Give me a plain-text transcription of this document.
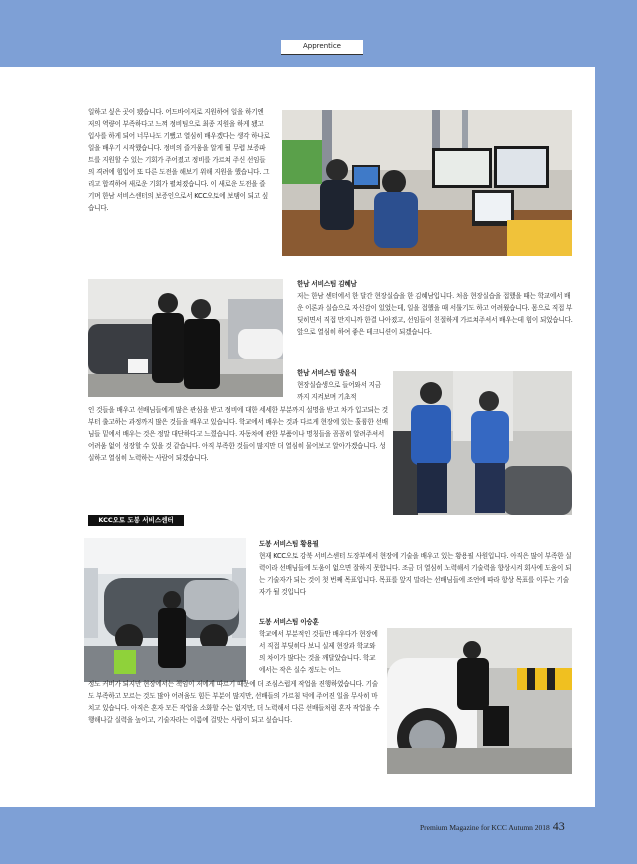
Apprentice
일하고 싶은 곳이 됐습니다. 어드바이저로 지원하여 일을 하기엔 저의 역량이 부족하다고 느껴 정비팀으로 최종 지원을 하게 됐고 입사를 하게 되어 너무나도 기뻤고 열심히 배우겠다는 생각 하나로 일을 배우기 시작했습니다. 정비의 즐거움을 알게 될 무렵 보증파트를 지원할 수 있는 기회가 주어졌고 정비를 가르쳐 주신 선임들의 격려에 힘입어 또 다른 도전을 해보기 위해 지원을 했습니다. 그리고 합격하여 새로운 기회가 펼쳐졌습니다. 이 새로운 도전을 즐기며 한남 서비스센터의 보증인으로서 KCC오토에 보탬이 되고 싶습니다.
한남 서비스팀 김혜남
저는 한남 센터에서 한 달간 현장실습을 한 김혜남입니다. 처음 현장실습을 접했을 때는 학교에서 배운 이론과 실습으로 자신감이 있었는데, 일을 접했을 때 서툴기도 하고 어려웠습니다. 몸으로 직접 부딪히면서 직접 만지니까 한결 나아졌고, 선임들이 친절하게 가르쳐주셔서 배우는데 힘이 되었습니다. 앞으로 열심히 하여 좋은 테크니션이 되겠습니다.
한남 서비스팀 방윤식
현장실습생으로 들어와서 지금까지 지켜보며 기초적
인 것들을 배우고 선배님들에게 많은 관심을 받고 정비에 대한 세세한 부분까지 설명을 받고 차가 입고되는 것부터 출고하는 과정까지 많은 것들을 배우고 있습니다. 학교에서 배우는 것과 다르게 현장에 있는 훌륭한 선배님들 밑에서 배우는 것은 정말 대단하다고 느꼈습니다. 자동차에 관한 부품이나 명칭들을 꼼꼼히 알려주셔서 어려움 없이 성장할 수 있을 것 같습니다. 아직 부족한 것들이 많지만 더 열심히 물어보고 알아가겠습니다. 성실하고 열심히 노력하는 사람이 되겠습니다.
KCC오토 도봉 서비스센터
도봉 서비스팀 황용필
현재 KCC오토 강북 서비스센터 도장부에서 현장에 기술을 배우고 있는 황용필 사원입니다. 아직은 많이 부족한 실력이라 선배님들에 도움이 없으면 잘하지 못합니다. 조금 더 열심히 노력해서 기술력을 향상시켜 회사에 도움이 되는 기술자가 되는 것이 첫 번째 목표입니다. 목표를 앞지 말라는 선배님들에 조언에 따라 항상 목표를 이루는 기술자가 될 것입니다
도봉 서비스팀 이승훈
학교에서 부분적인 것들만 배우다가 현장에서 직접 부딪히다 보니 실제 현장과 학교와의 차이가 많다는 것을 깨달았습니다. 학교에서는 작은 실수 정도는 어느
정도 커버가 되지만 현장에서는 책임이 저에게 따르기 때문에 더 조심스럽게 작업을 진행하였습니다. 기술도 부족하고 모르는 것도 많아 어려움도 힘든 부분이 많지만, 선배들의 가르침 덕에 주어진 일을 무사히 마치고 있습니다. 아직은 혼자 모든 작업을 소화할 수는 없지만, 더 노력해서 다른 선배들처럼 혼자 작업을 수행해나갈 실력을 높이고, 기술자라는 이름에 걸맞는 사람이 되고 싶습니다.
Premium Magazine for KCC Autumn 2018 43
